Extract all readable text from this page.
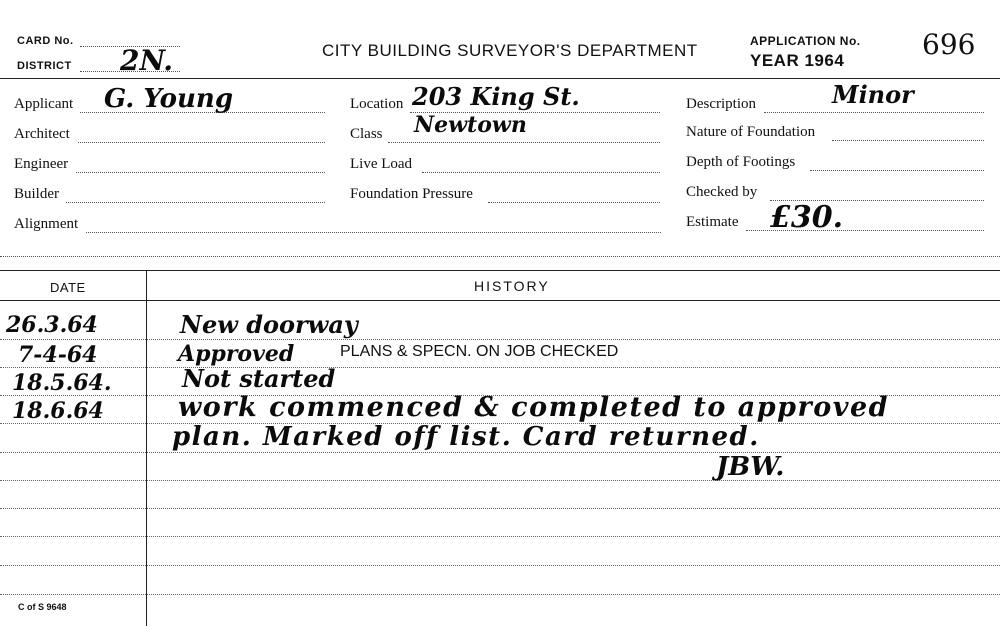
CARD No.
DISTRICT 2N.	CITY BUILDING SURVEYOR'S DEPARTMENT	APPLICATION No.
YEAR 1964	696
Applicant G. Young
Architect
Engineer
Builder
Alignment
Location 203 King St.
Class Newtown
Live Load
Foundation Pressure
Description	Minor
Nature of Foundation
Depth of Footings
Checked by
Estimate £30.
DATE	HISTORY
26.3.64	New doorway
7-4-64	Approved	PLANS & SPECN. ON JOB CHECKED
18.5.64.	Not started
18.6.64	work commenced & completed to approved
plan. Marked off list. Card returned.
JBW.
C of S 9648
